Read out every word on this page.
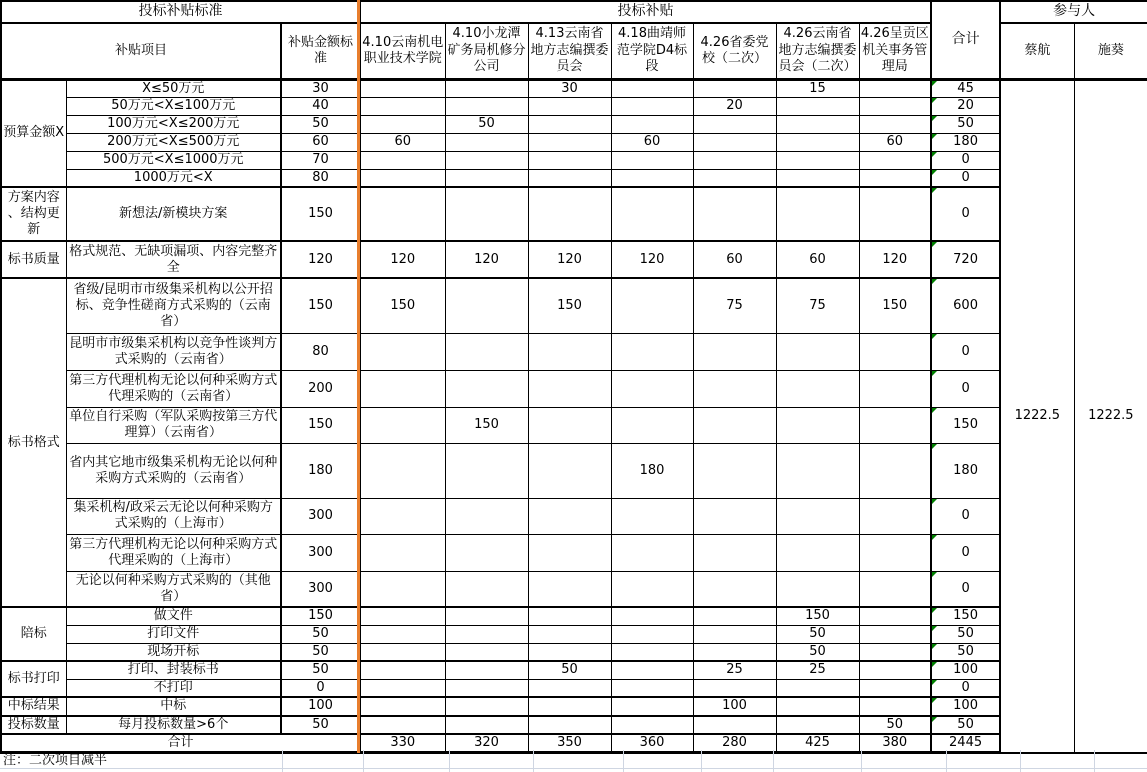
投标补贴标准			投标补贴							合计	参与人	
补贴项目		补贴金额标准	4.10云南机电职业技术学院	4.10小龙潭矿务局机修分公司	4.13云南省地方志编撰委员会	4.18曲靖师范学院D4标段	4.26省委党校（二次）	4.26云南省地方志编撰委员会（二次）	4.26呈贡区机关事务管理局		蔡航	施葵
预算金额X	X≤50万元	30			30			15		45	1222.5	1222.5
	50万元<X≤100万元	40					20			20		
	100万元<X≤200万元	50		50						50		
	200万元<X≤500万元	60	60			60			60	180		
	500万元<X≤1000万元	70								0		
	1000万元<X	80								0		
方案内容、结构更新	新想法/新模块方案	150								0		
标书质量	格式规范、无缺项漏项、内容完整齐全	120	120	120	120	120	60	60	120	720		
标书格式	省级/昆明市市级集采机构以公开招标、竞争性磋商方式采购的（云南省）	150	150		150		75	75	150	600		
	昆明市市级集采机构以竞争性谈判方式采购的（云南省）	80								0		
	第三方代理机构无论以何种采购方式代理采购的（云南省）	200								0		
	单位自行采购（军队采购按第三方代理算）（云南省）	150		150						150		
	省内其它地市级集采机构无论以何种采购方式采购的（云南省）	180				180				180		
	集采机构/政采云无论以何种采购方式采购的（上海市）	300								0		
	第三方代理机构无论以何种采购方式代理采购的（上海市）	300								0		
	无论以何种采购方式采购的（其他省）	300								0		
陪标	做文件	150						150		150		
	打印文件	50						50		50		
	现场开标	50						50		50		
标书打印	打印、封装标书	50			50		25	25		100		
	不打印	0								0		
中标结果	中标	100					100			100		
投标数量	每月投标数量>6个	50							50	50		
合计			330	320	350	360	280	425	380	2445		
注：二次项目减半
